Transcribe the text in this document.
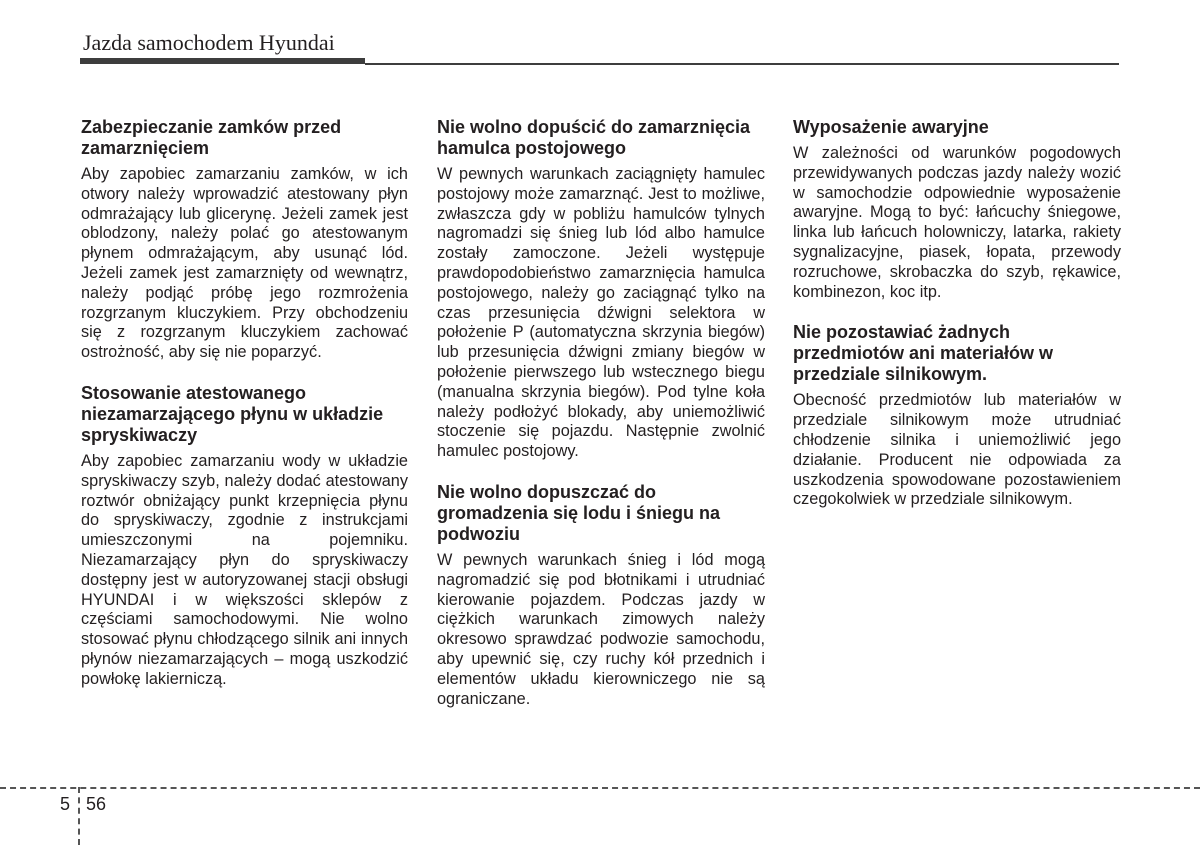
Jazda samochodem Hyundai
Zabezpieczanie zamków przed zamarznięciem

Aby zapobiec zamarzaniu zamków, w ich otwory należy wprowadzić atestowany płyn odmrażający lub glicerynę. Jeżeli zamek jest oblodzony, należy polać go atestowanym płynem odmrażającym, aby usunąć lód. Jeżeli zamek jest zamarznięty od wewnątrz, należy podjąć próbę jego rozmrożenia rozgrzanym kluczykiem. Przy obchodzeniu się z rozgrzanym kluczykiem zachować ostrożność, aby się nie poparzyć.

Stosowanie atestowanego niezamarzającego płynu w układzie spryskiwaczy

Aby zapobiec zamarzaniu wody w układzie spryskiwaczy szyb, należy dodać atestowany roztwór obniżający punkt krzepnięcia płynu do spryskiwaczy, zgodnie z instrukcjami umieszczonymi na pojemniku. Niezamarzający płyn do spryskiwaczy dostępny jest w autoryzowanej stacji obsługi HYUNDAI i w większości sklepów z częściami samochodowymi. Nie wolno stosować płynu chłodzącego silnik ani innych płynów niezamarzających – mogą uszkodzić powłokę lakierniczą.

Nie wolno dopuścić do zamarznięcia hamulca postojowego

W pewnych warunkach zaciągnięty hamulec postojowy może zamarznąć. Jest to możliwe, zwłaszcza gdy w pobliżu hamulców tylnych nagromadzi się śnieg lub lód albo hamulce zostały zamoczone. Jeżeli występuje prawdopodobieństwo zamarznięcia hamulca postojowego, należy go zaciągnąć tylko na czas przesunięcia dźwigni selektora w położenie P (automatyczna skrzynia biegów) lub przesunięcia dźwigni zmiany biegów w położenie pierwszego lub wstecznego biegu (manualna skrzynia biegów). Pod tylne koła należy podłożyć blokady, aby uniemożliwić stoczenie się pojazdu. Następnie zwolnić hamulec postojowy.

Nie wolno dopuszczać do gromadzenia się lodu i śniegu na podwoziu

W pewnych warunkach śnieg i lód mogą nagromadzić się pod błotnikami i utrudniać kierowanie pojazdem. Podczas jazdy w ciężkich warunkach zimowych należy okresowo sprawdzać podwozie samochodu, aby upewnić się, czy ruchy kół przednich i elementów układu kierowniczego nie są ograniczane.

Wyposażenie awaryjne

W zależności od warunków pogodowych przewidywanych podczas jazdy należy wozić w samochodzie odpowiednie wyposażenie awaryjne. Mogą to być: łańcuchy śniegowe, linka lub łańcuch holowniczy, latarka, rakiety sygnalizacyjne, piasek, łopata, przewody rozruchowe, skrobaczka do szyb, rękawice, kombinezon, koc itp.

Nie pozostawiać żadnych przedmiotów ani materiałów w przedziale silnikowym.

Obecność przedmiotów lub materiałów w przedziale silnikowym może utrudniać chłodzenie silnika i uniemożliwić jego działanie. Producent nie odpowiada za uszkodzenia spowodowane pozostawieniem czegokolwiek w przedziale silnikowym.

5 56
